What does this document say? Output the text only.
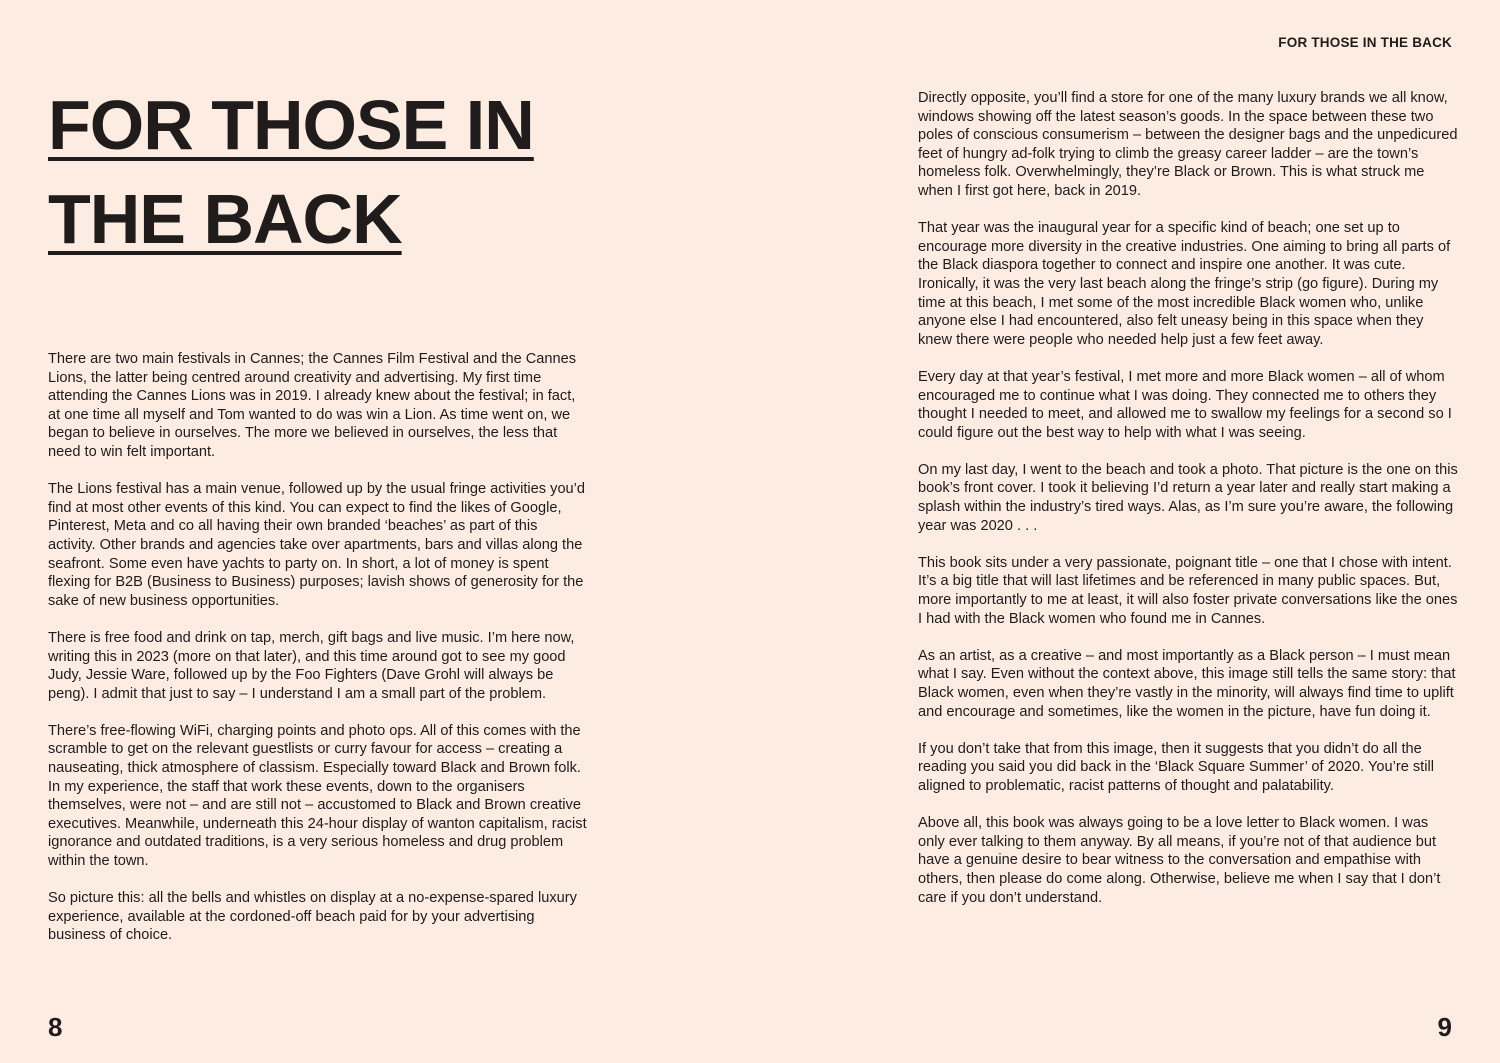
FOR THOSE IN THE BACK
FOR THOSE IN
THE BACK

There are two main festivals in Cannes; the Cannes Film Festival and the Cannes Lions, the latter being centred around creativity and advertising. My first time attending the Cannes Lions was in 2019. I already knew about the festival; in fact, at one time all myself and Tom wanted to do was win a Lion. As time went on, we began to believe in ourselves. The more we believed in ourselves, the less that need to win felt important.

The Lions festival has a main venue, followed up by the usual fringe activities you’d find at most other events of this kind. You can expect to find the likes of Google, Pinterest, Meta and co all having their own branded ‘beaches’ as part of this activity. Other brands and agencies take over apartments, bars and villas along the seafront. Some even have yachts to party on. In short, a lot of money is spent flexing for B2B (Business to Business) purposes; lavish shows of generosity for the sake of new business opportunities.

There is free food and drink on tap, merch, gift bags and live music. I’m here now, writing this in 2023 (more on that later), and this time around got to see my good Judy, Jessie Ware, followed up by the Foo Fighters (Dave Grohl will always be peng). I admit that just to say – I understand I am a small part of the problem.

There’s free-flowing WiFi, charging points and photo ops. All of this comes with the scramble to get on the relevant guestlists or curry favour for access – creating a nauseating, thick atmosphere of classism. Especially toward Black and Brown folk. In my experience, the staff that work these events, down to the organisers themselves, were not – and are still not – accustomed to Black and Brown creative executives. Meanwhile, underneath this 24-hour display of wanton capitalism, racist ignorance and outdated traditions, is a very serious homeless and drug problem within the town.

So picture this: all the bells and whistles on display at a no-expense-spared luxury experience, available at the cordoned-off beach paid for by your advertising business of choice.

Directly opposite, you’ll find a store for one of the many luxury brands we all know, windows showing off the latest season’s goods. In the space between these two poles of conscious consumerism – between the designer bags and the unpedicured feet of hungry ad-folk trying to climb the greasy career ladder – are the town’s homeless folk. Overwhelmingly, they’re Black or Brown. This is what struck me when I first got here, back in 2019.

That year was the inaugural year for a specific kind of beach; one set up to encourage more diversity in the creative industries. One aiming to bring all parts of the Black diaspora together to connect and inspire one another. It was cute. Ironically, it was the very last beach along the fringe’s strip (go figure). During my time at this beach, I met some of the most incredible Black women who, unlike anyone else I had encountered, also felt uneasy being in this space when they knew there were people who needed help just a few feet away.

Every day at that year’s festival, I met more and more Black women – all of whom encouraged me to continue what I was doing. They connected me to others they thought I needed to meet, and allowed me to swallow my feelings for a second so I could figure out the best way to help with what I was seeing.

On my last day, I went to the beach and took a photo. That picture is the one on this book’s front cover. I took it believing I’d return a year later and really start making a splash within the industry’s tired ways. Alas, as I’m sure you’re aware, the following year was 2020 . . .

This book sits under a very passionate, poignant title – one that I chose with intent. It’s a big title that will last lifetimes and be referenced in many public spaces. But, more importantly to me at least, it will also foster private conversations like the ones I had with the Black women who found me in Cannes.

As an artist, as a creative – and most importantly as a Black person – I must mean what I say. Even without the context above, this image still tells the same story: that Black women, even when they’re vastly in the minority, will always find time to uplift and encourage and sometimes, like the women in the picture, have fun doing it.

If you don’t take that from this image, then it suggests that you didn’t do all the reading you said you did back in the ‘Black Square Summer’ of 2020. You’re still aligned to problematic, racist patterns of thought and palatability.

Above all, this book was always going to be a love letter to Black women. I was only ever talking to them anyway. By all means, if you’re not of that audience but have a genuine desire to bear witness to the conversation and empathise with others, then please do come along. Otherwise, believe me when I say that I don’t care if you don’t understand.

8	9
